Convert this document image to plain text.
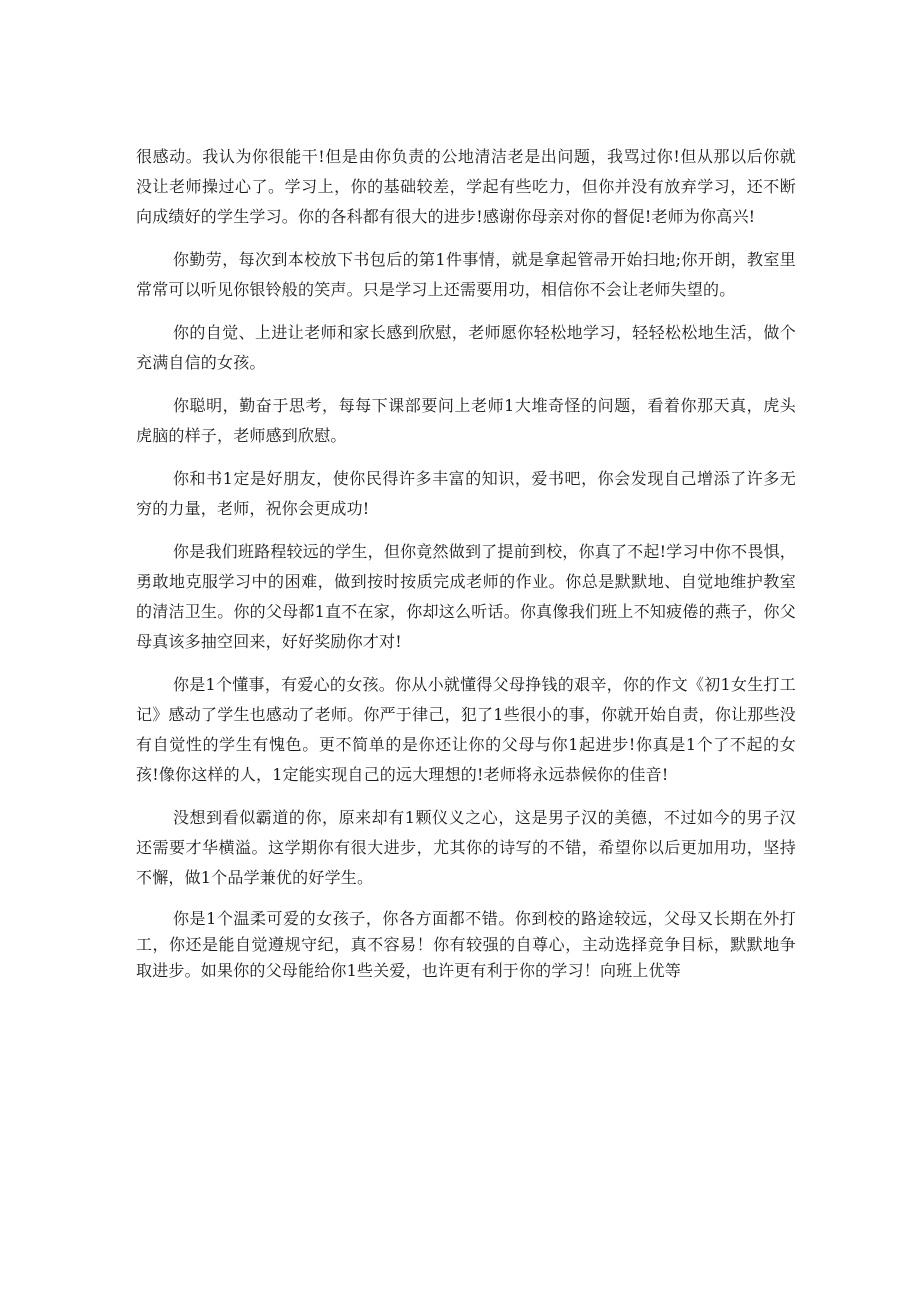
很感动。我认为你很能干!但是由你负责的公地清洁老是出问题，我骂过你!但从那以后你就没让老师操过心了。学习上，你的基础较差，学起有些吃力，但你并没有放弃学习，还不断向成绩好的学生学习。你的各科都有很大的进步!感谢你母亲对你的督促!老师为你高兴!

你勤劳，每次到本校放下书包后的第1件事情，就是拿起管帚开始扫地;你开朗，教室里常常可以听见你银铃般的笑声。只是学习上还需要用功，相信你不会让老师失望的。

你的自觉、上进让老师和家长感到欣慰，老师愿你轻松地学习，轻轻松松地生活，做个充满自信的女孩。

你聪明，勤奋于思考，每每下课部要问上老师1大堆奇怪的问题，看着你那天真，虎头虎脑的样子，老师感到欣慰。

你和书1定是好朋友，使你民得许多丰富的知识，爱书吧，你会发现自己增添了许多无穷的力量，老师，祝你会更成功!

你是我们班路程较远的学生，但你竟然做到了提前到校，你真了不起!学习中你不畏惧，勇敢地克服学习中的困难，做到按时按质完成老师的作业。你总是默默地、自觉地维护教室的清洁卫生。你的父母都1直不在家，你却这么听话。你真像我们班上不知疲倦的燕子，你父母真该多抽空回来，好好奖励你才对!

你是1个懂事，有爱心的女孩。你从小就懂得父母挣钱的艰辛，你的作文《初1女生打工记》感动了学生也感动了老师。你严于律己，犯了1些很小的事，你就开始自责，你让那些没有自觉性的学生有愧色。更不简单的是你还让你的父母与你1起进步!你真是1个了不起的女孩!像你这样的人，1定能实现自己的远大理想的!老师将永远恭候你的佳音!

没想到看似霸道的你，原来却有1颗仪义之心，这是男子汉的美德，不过如今的男子汉还需要才华横溢。这学期你有很大进步，尤其你的诗写的不错，希望你以后更加用功，坚持不懈，做1个品学兼优的好学生。

你是1个温柔可爱的女孩子，你各方面都不错。你到校的路途较远，父母又长期在外打工，你还是能自觉遵规守纪，真不容易！你有较强的自尊心，主动选择竞争目标，默默地争取进步。如果你的父母能给你1些关爱，也许更有利于你的学习！向班上优等
